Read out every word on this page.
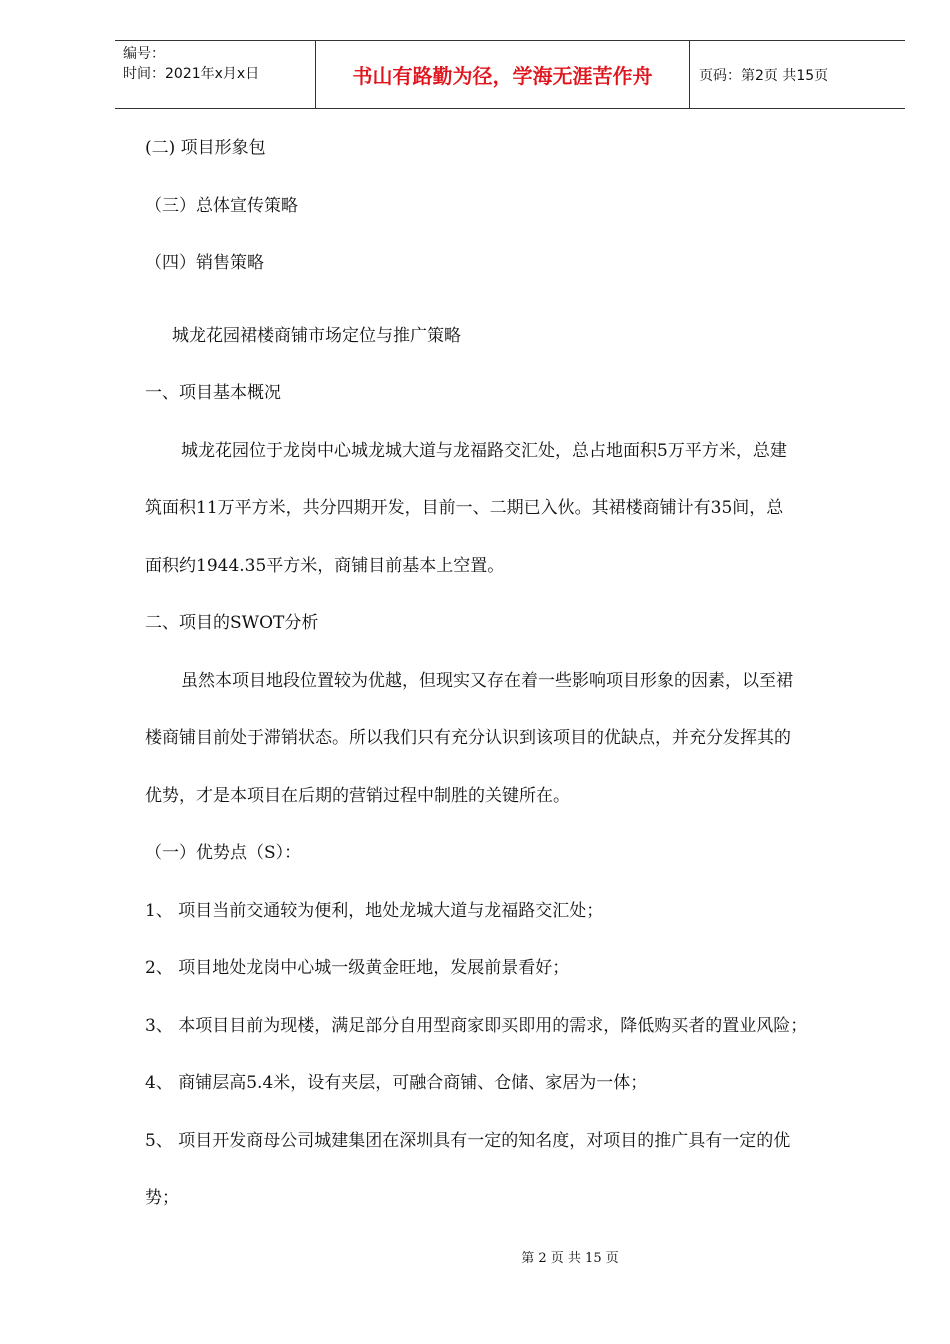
编号：
时间：2021年x月x日	书山有路勤为径，学海无涯苦作舟	页码：第2页 共15页
(二) 项目形象包
（三）总体宣传策略
（四）销售策略
城龙花园裙楼商铺市场定位与推广策略
一、项目基本概况
城龙花园位于龙岗中心城龙城大道与龙福路交汇处，总占地面积5万平方米，总建
筑面积11万平方米，共分四期开发，目前一、二期已入伙。其裙楼商铺计有35间，总
面积约1944.35平方米，商铺目前基本上空置。
二、项目的SWOT分析
虽然本项目地段位置较为优越，但现实又存在着一些影响项目形象的因素，以至裙
楼商铺目前处于滞销状态。所以我们只有充分认识到该项目的优缺点，并充分发挥其的
优势，才是本项目在后期的营销过程中制胜的关键所在。
（一）优势点（S）：
1、 项目当前交通较为便利，地处龙城大道与龙福路交汇处；
2、 项目地处龙岗中心城一级黄金旺地，发展前景看好；
3、 本项目目前为现楼，满足部分自用型商家即买即用的需求，降低购买者的置业风险；
4、 商铺层高5.4米，设有夹层，可融合商铺、仓储、家居为一体；
5、 项目开发商母公司城建集团在深圳具有一定的知名度，对项目的推广具有一定的优
势；
第 2 页 共 15 页
